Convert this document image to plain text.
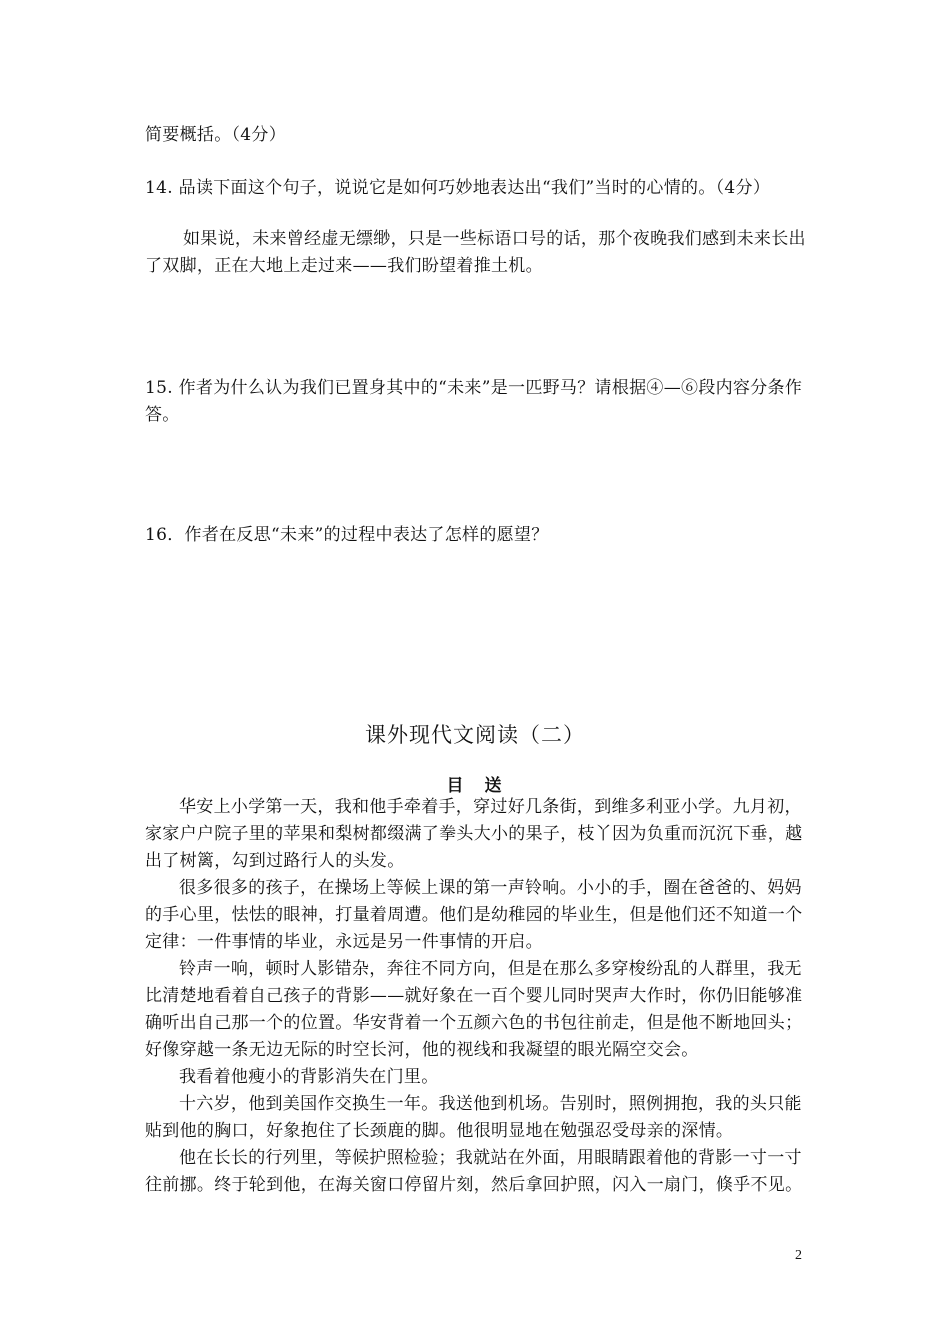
简要概括。（4分）

14. 品读下面这个句子，说说它是如何巧妙地表达出“我们”当时的心情的。（4分）

如果说，未来曾经虚无缥缈，只是一些标语口号的话，那个夜晚我们感到未来长出了双脚，正在大地上走过来——我们盼望着推土机。

15. 作者为什么认为我们已置身其中的“未来”是一匹野马？请根据④—⑥段内容分条作答。

16．作者在反思“未来”的过程中表达了怎样的愿望？

课外现代文阅读（二）
目　送

华安上小学第一天，我和他手牵着手，穿过好几条街，到维多利亚小学。九月初，家家户户院子里的苹果和梨树都缀满了拳头大小的果子，枝丫因为负重而沉沉下垂，越出了树篱，勾到过路行人的头发。

很多很多的孩子，在操场上等候上课的第一声铃响。小小的手，圈在爸爸的、妈妈的手心里，怯怯的眼神，打量着周遭。他们是幼稚园的毕业生，但是他们还不知道一个定律：一件事情的毕业，永远是另一件事情的开启。

铃声一响，顿时人影错杂，奔往不同方向，但是在那么多穿梭纷乱的人群里，我无比清楚地看着自己孩子的背影——就好象在一百个婴儿同时哭声大作时，你仍旧能够准确听出自己那一个的位置。华安背着一个五颜六色的书包往前走，但是他不断地回头；好像穿越一条无边无际的时空长河，他的视线和我凝望的眼光隔空交会。

我看着他瘦小的背影消失在门里。

十六岁，他到美国作交换生一年。我送他到机场。告别时，照例拥抱，我的头只能贴到他的胸口，好象抱住了长颈鹿的脚。他很明显地在勉强忍受母亲的深情。

他在长长的行列里，等候护照检验；我就站在外面，用眼睛跟着他的背影一寸一寸往前挪。终于轮到他，在海关窗口停留片刻，然后拿回护照，闪入一扇门，倏乎不见。

2
